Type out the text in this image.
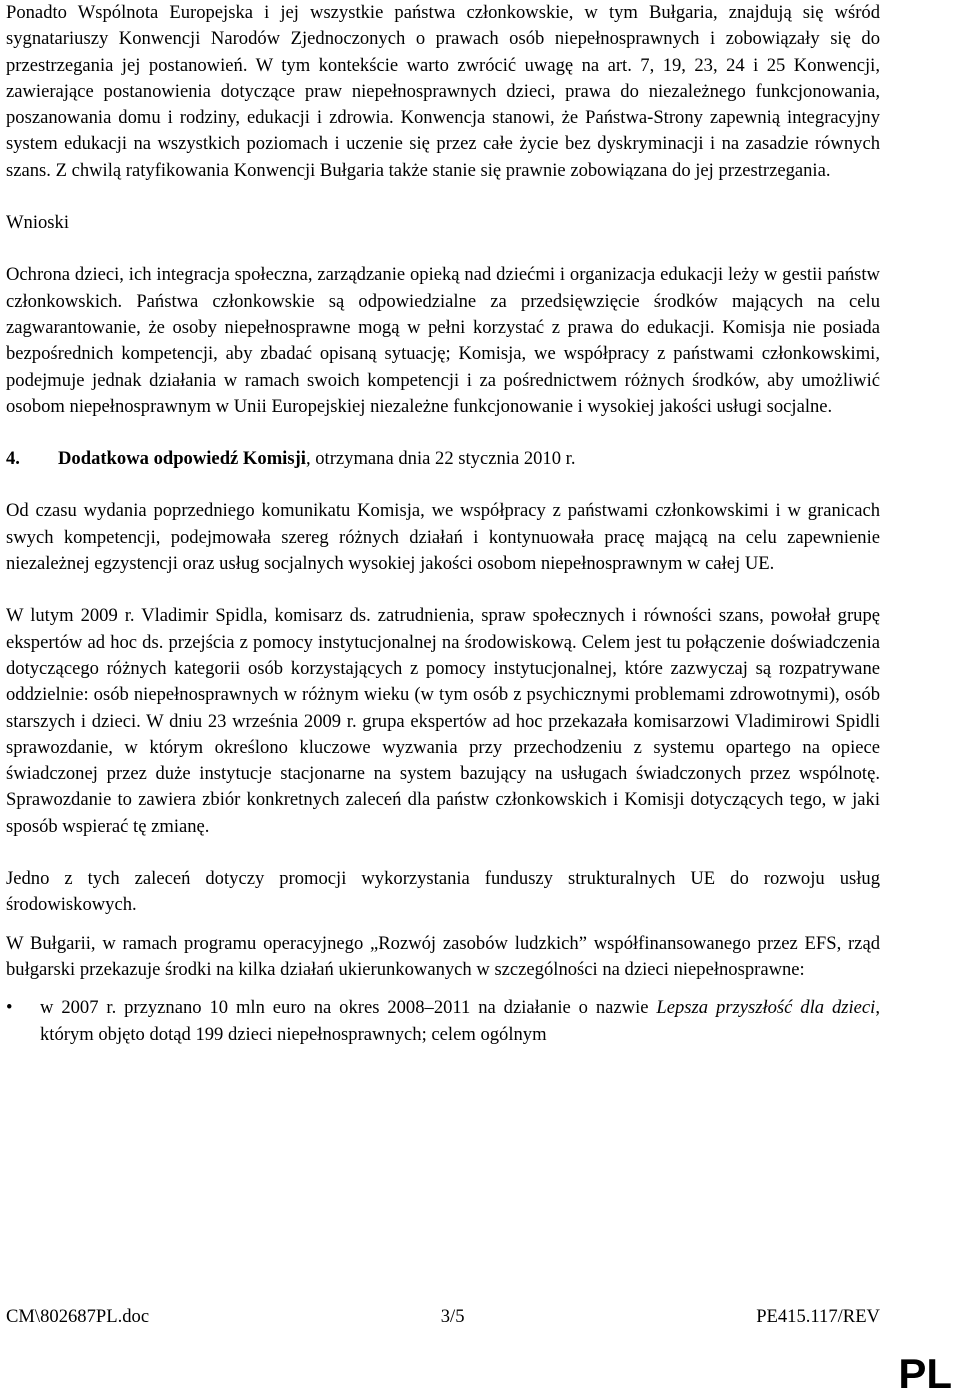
Ponadto Wspólnota Europejska i jej wszystkie państwa członkowskie, w tym Bułgaria, znajdują się wśród sygnatariuszy Konwencji Narodów Zjednoczonych o prawach osób niepełnosprawnych i zobowiązały się do przestrzegania jej postanowień. W tym kontekście warto zwrócić uwagę na art. 7, 19, 23, 24 i 25 Konwencji, zawierające postanowienia dotyczące praw niepełnosprawnych dzieci, prawa do niezależnego funkcjonowania, poszanowania domu i rodziny, edukacji i zdrowia. Konwencja stanowi, że Państwa-Strony zapewnią integracyjny system edukacji na wszystkich poziomach i uczenie się przez całe życie bez dyskryminacji i na zasadzie równych szans. Z chwilą ratyfikowania Konwencji Bułgaria także stanie się prawnie zobowiązana do jej przestrzegania.

Wnioski

Ochrona dzieci, ich integracja społeczna, zarządzanie opieką nad dziećmi i organizacja edukacji leży w gestii państw członkowskich. Państwa członkowskie są odpowiedzialne za przedsięwzięcie środków mających na celu zagwarantowanie, że osoby niepełnosprawne mogą w pełni korzystać z prawa do edukacji. Komisja nie posiada bezpośrednich kompetencji, aby zbadać opisaną sytuację; Komisja, we współpracy z państwami członkowskimi, podejmuje jednak działania w ramach swoich kompetencji i za pośrednictwem różnych środków, aby umożliwić osobom niepełnosprawnym w Unii Europejskiej niezależne funkcjonowanie i wysokiej jakości usługi socjalne.

4.	Dodatkowa odpowiedź Komisji, otrzymana dnia 22 stycznia 2010 r.

Od czasu wydania poprzedniego komunikatu Komisja, we współpracy z państwami członkowskimi i w granicach swych kompetencji, podejmowała szereg różnych działań i kontynuowała pracę mającą na celu zapewnienie niezależnej egzystencji oraz usług socjalnych wysokiej jakości osobom niepełnosprawnym w całej UE.

W lutym 2009 r. Vladimir Spidla, komisarz ds. zatrudnienia, spraw społecznych i równości szans, powołał grupę ekspertów ad hoc ds. przejścia z pomocy instytucjonalnej na środowiskową. Celem jest tu połączenie doświadczenia dotyczącego różnych kategorii osób korzystających z pomocy instytucjonalnej, które zazwyczaj są rozpatrywane oddzielnie: osób niepełnosprawnych w różnym wieku (w tym osób z psychicznymi problemami zdrowotnymi), osób starszych i dzieci. W dniu 23 września 2009 r. grupa ekspertów ad hoc przekazała komisarzowi Vladimirowi Spidli sprawozdanie, w którym określono kluczowe wyzwania przy przechodzeniu z systemu opartego na opiece świadczonej przez duże instytucje stacjonarne na system bazujący na usługach świadczonych przez wspólnotę. Sprawozdanie to zawiera zbiór konkretnych zaleceń dla państw członkowskich i Komisji dotyczących tego, w jaki sposób wspierać tę zmianę.

Jedno z tych zaleceń dotyczy promocji wykorzystania funduszy strukturalnych UE do rozwoju usług środowiskowych.

W Bułgarii, w ramach programu operacyjnego „Rozwój zasobów ludzkich” współfinansowanego przez EFS, rząd bułgarski przekazuje środki na kilka działań ukierunkowanych w szczególności na dzieci niepełnosprawne:

•	w 2007 r. przyznano 10 mln euro na okres 2008–2011 na działanie o nazwie Lepsza przyszłość dla dzieci, którym objęto dotąd 199 dzieci niepełnosprawnych; celem ogólnym

CM\802687PL.doc	3/5	PE415.117/REV
PL
